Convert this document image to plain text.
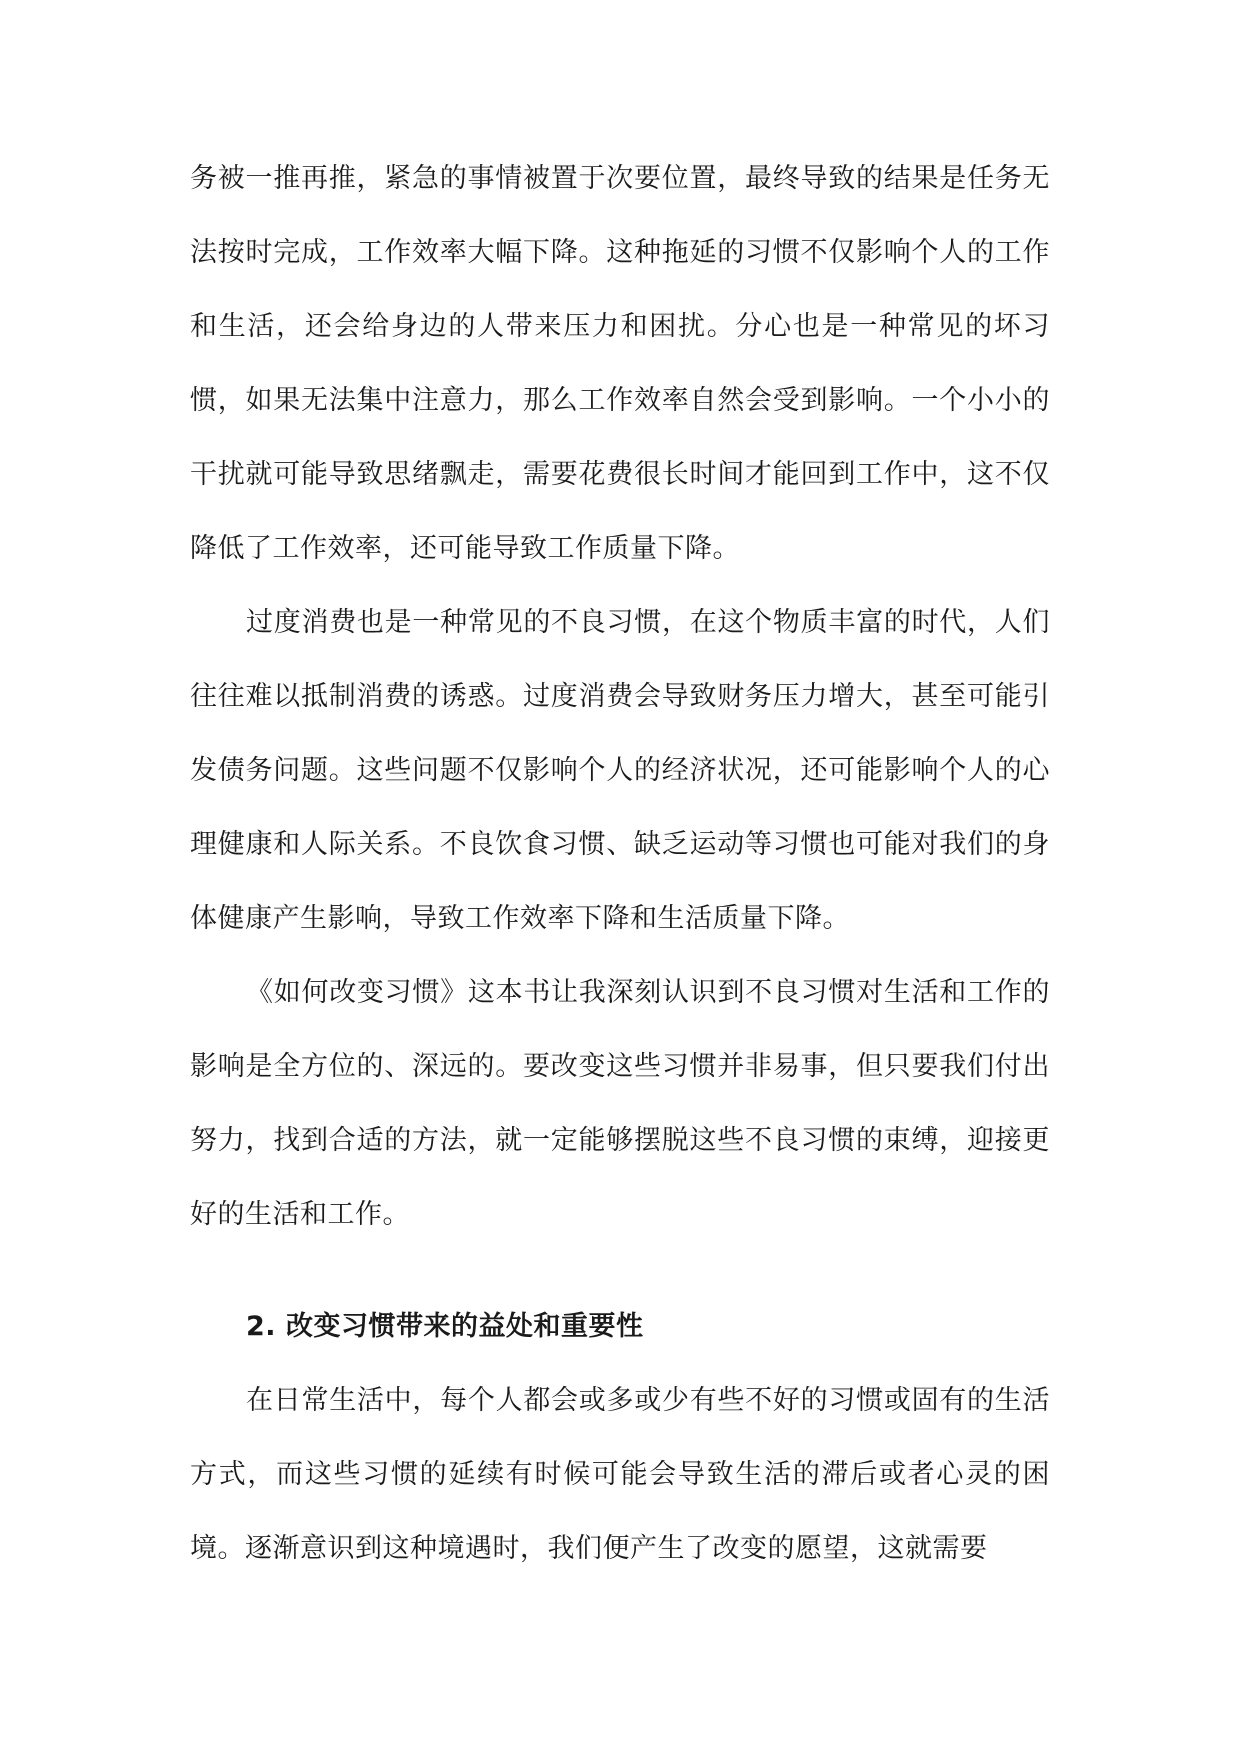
务被一推再推，紧急的事情被置于次要位置，最终导致的结果是任务无法按时完成，工作效率大幅下降。这种拖延的习惯不仅影响个人的工作和生活，还会给身边的人带来压力和困扰。分心也是一种常见的坏习惯，如果无法集中注意力，那么工作效率自然会受到影响。一个小小的干扰就可能导致思绪飘走，需要花费很长时间才能回到工作中，这不仅降低了工作效率，还可能导致工作质量下降。

过度消费也是一种常见的不良习惯，在这个物质丰富的时代，人们往往难以抵制消费的诱惑。过度消费会导致财务压力增大，甚至可能引发债务问题。这些问题不仅影响个人的经济状况，还可能影响个人的心理健康和人际关系。不良饮食习惯、缺乏运动等习惯也可能对我们的身体健康产生影响，导致工作效率下降和生活质量下降。

《如何改变习惯》这本书让我深刻认识到不良习惯对生活和工作的影响是全方位的、深远的。要改变这些习惯并非易事，但只要我们付出努力，找到合适的方法，就一定能够摆脱这些不良习惯的束缚，迎接更好的生活和工作。

2. 改变习惯带来的益处和重要性

在日常生活中，每个人都会或多或少有些不好的习惯或固有的生活方式，而这些习惯的延续有时候可能会导致生活的滞后或者心灵的困境。逐渐意识到这种境遇时，我们便产生了改变的愿望，这就需要
